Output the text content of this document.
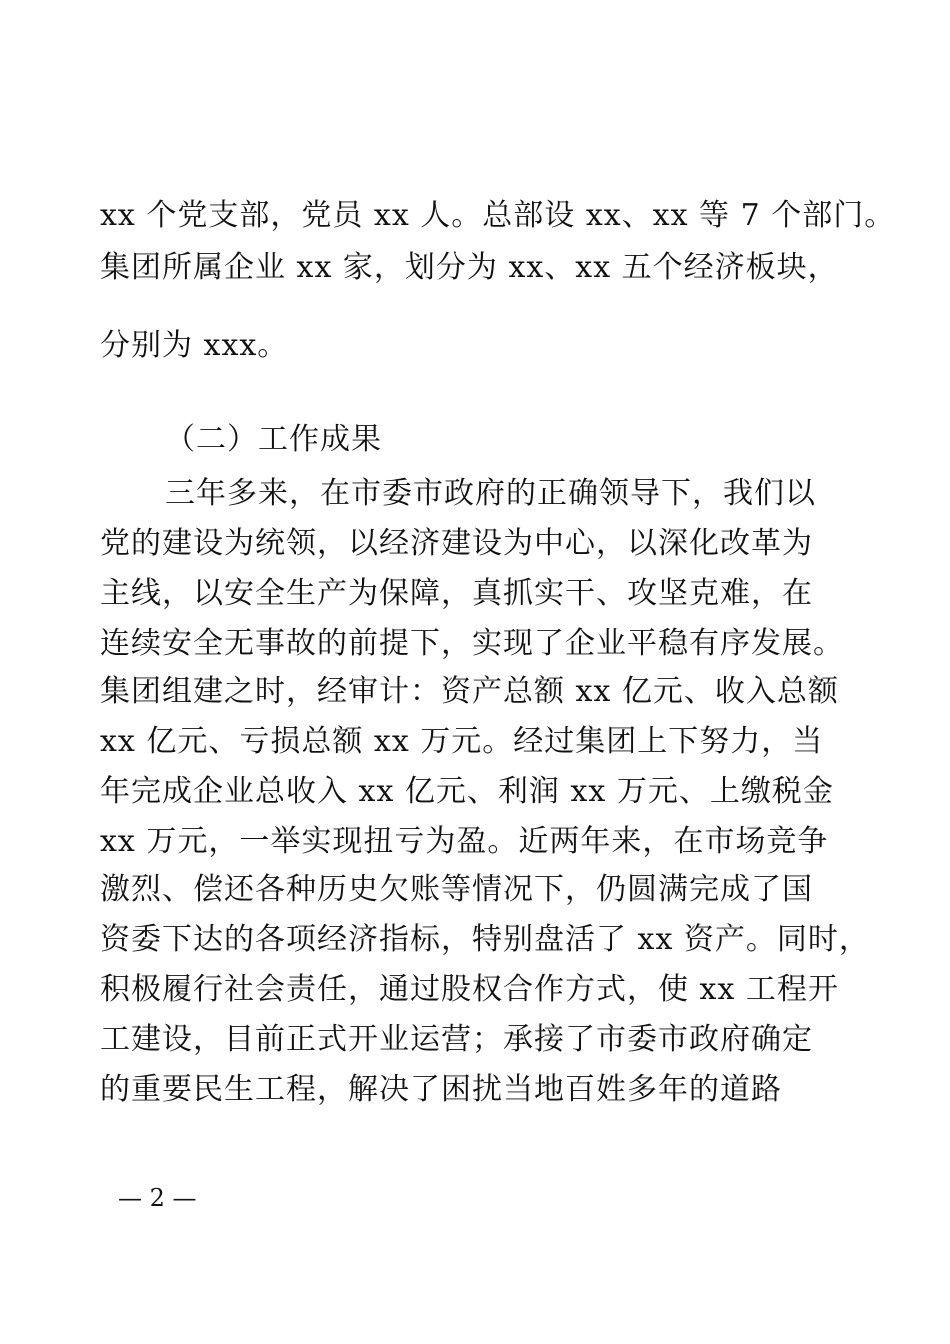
xx 个党支部，党员 xx 人。总部设 xx、xx 等 7 个部门。
集团所属企业 xx 家，划分为 xx、xx 五个经济板块，
分别为 xxx。
（二）工作成果
三年多来，在市委市政府的正确领导下，我们以
党的建设为统领，以经济建设为中心，以深化改革为
主线，以安全生产为保障，真抓实干、攻坚克难，在
连续安全无事故的前提下，实现了企业平稳有序发展。
集团组建之时，经审计：资产总额 xx 亿元、收入总额
xx 亿元、亏损总额 xx 万元。经过集团上下努力，当
年完成企业总收入 xx 亿元、利润 xx 万元、上缴税金
xx 万元，一举实现扭亏为盈。近两年来，在市场竞争
激烈、偿还各种历史欠账等情况下，仍圆满完成了国
资委下达的各项经济指标，特别盘活了 xx 资产。同时，
积极履行社会责任，通过股权合作方式，使 xx 工程开
工建设，目前正式开业运营；承接了市委市政府确定
的重要民生工程，解决了困扰当地百姓多年的道路
— 2 —
